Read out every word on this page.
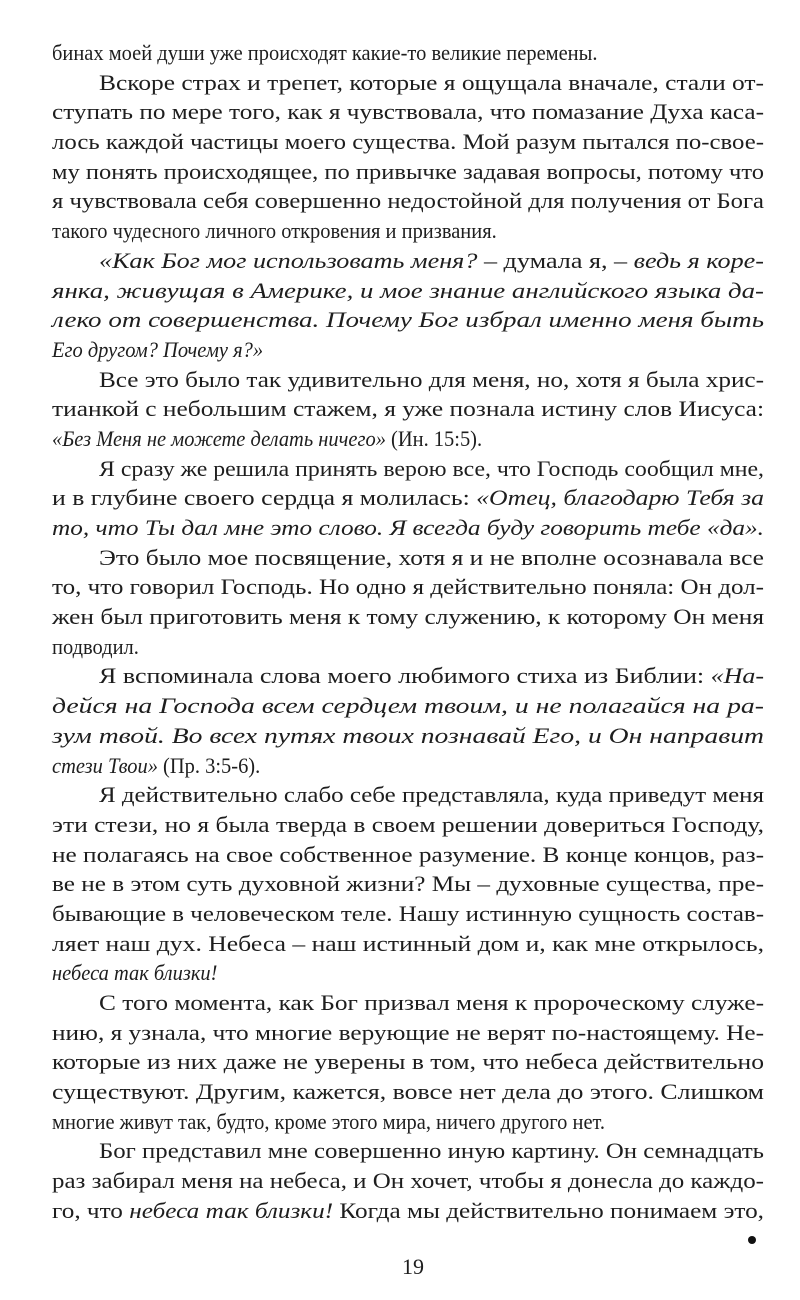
бинах моей души уже происходят какие-то великие перемены.
Вскоре страх и трепет, которые я ощущала вначале, стали от-
ступать по мере того, как я чувствовала, что помазание Духа каса-
лось каждой частицы моего существа. Мой разум пытался по-свое-
му понять происходящее, по привычке задавая вопросы, потому что
я чувствовала себя совершенно недостойной для получения от Бога
такого чудесного личного откровения и призвания.
«Как Бог мог использовать меня? – думала я, – ведь я коре-
янка, живущая в Америке, и мое знание английского языка да-
леко от совершенства. Почему Бог избрал именно меня быть
Его другом? Почему я?»
Все это было так удивительно для меня, но, хотя я была хрис-
тианкой с небольшим стажем, я уже познала истину слов Иисуса:
«Без Меня не можете делать ничего» (Ин. 15:5).
Я сразу же решила принять верою все, что Господь сообщил мне,
и в глубине своего сердца я молилась: «Отец, благодарю Тебя за
то, что Ты дал мне это слово. Я всегда буду говорить тебе «да».
Это было мое посвящение, хотя я и не вполне осознавала все
то, что говорил Господь. Но одно я действительно поняла: Он дол-
жен был приготовить меня к тому служению, к которому Он меня
подводил.
Я вспоминала слова моего любимого стиха из Библии: «На-
дейся на Господа всем сердцем твоим, и не полагайся на ра-
зум твой. Во всех путях твоих познавай Его, и Он направит
стези Твои» (Пр. 3:5-6).
Я действительно слабо себе представляла, куда приведут меня
эти стези, но я была тверда в своем решении довериться Господу,
не полагаясь на свое собственное разумение. В конце концов, раз-
ве не в этом суть духовной жизни? Мы – духовные существа, пре-
бывающие в человеческом теле. Нашу истинную сущность состав-
ляет наш дух. Небеса – наш истинный дом и, как мне открылось,
небеса так близки!
С того момента, как Бог призвал меня к пророческому служе-
нию, я узнала, что многие верующие не верят по-настоящему. Не-
которые из них даже не уверены в том, что небеса действительно
существуют. Другим, кажется, вовсе нет дела до этого. Слишком
многие живут так, будто, кроме этого мира, ничего другого нет.
Бог представил мне совершенно иную картину. Он семнадцать
раз забирал меня на небеса, и Он хочет, чтобы я донесла до каждо-
го, что небеса так близки! Когда мы действительно понимаем это,
19
